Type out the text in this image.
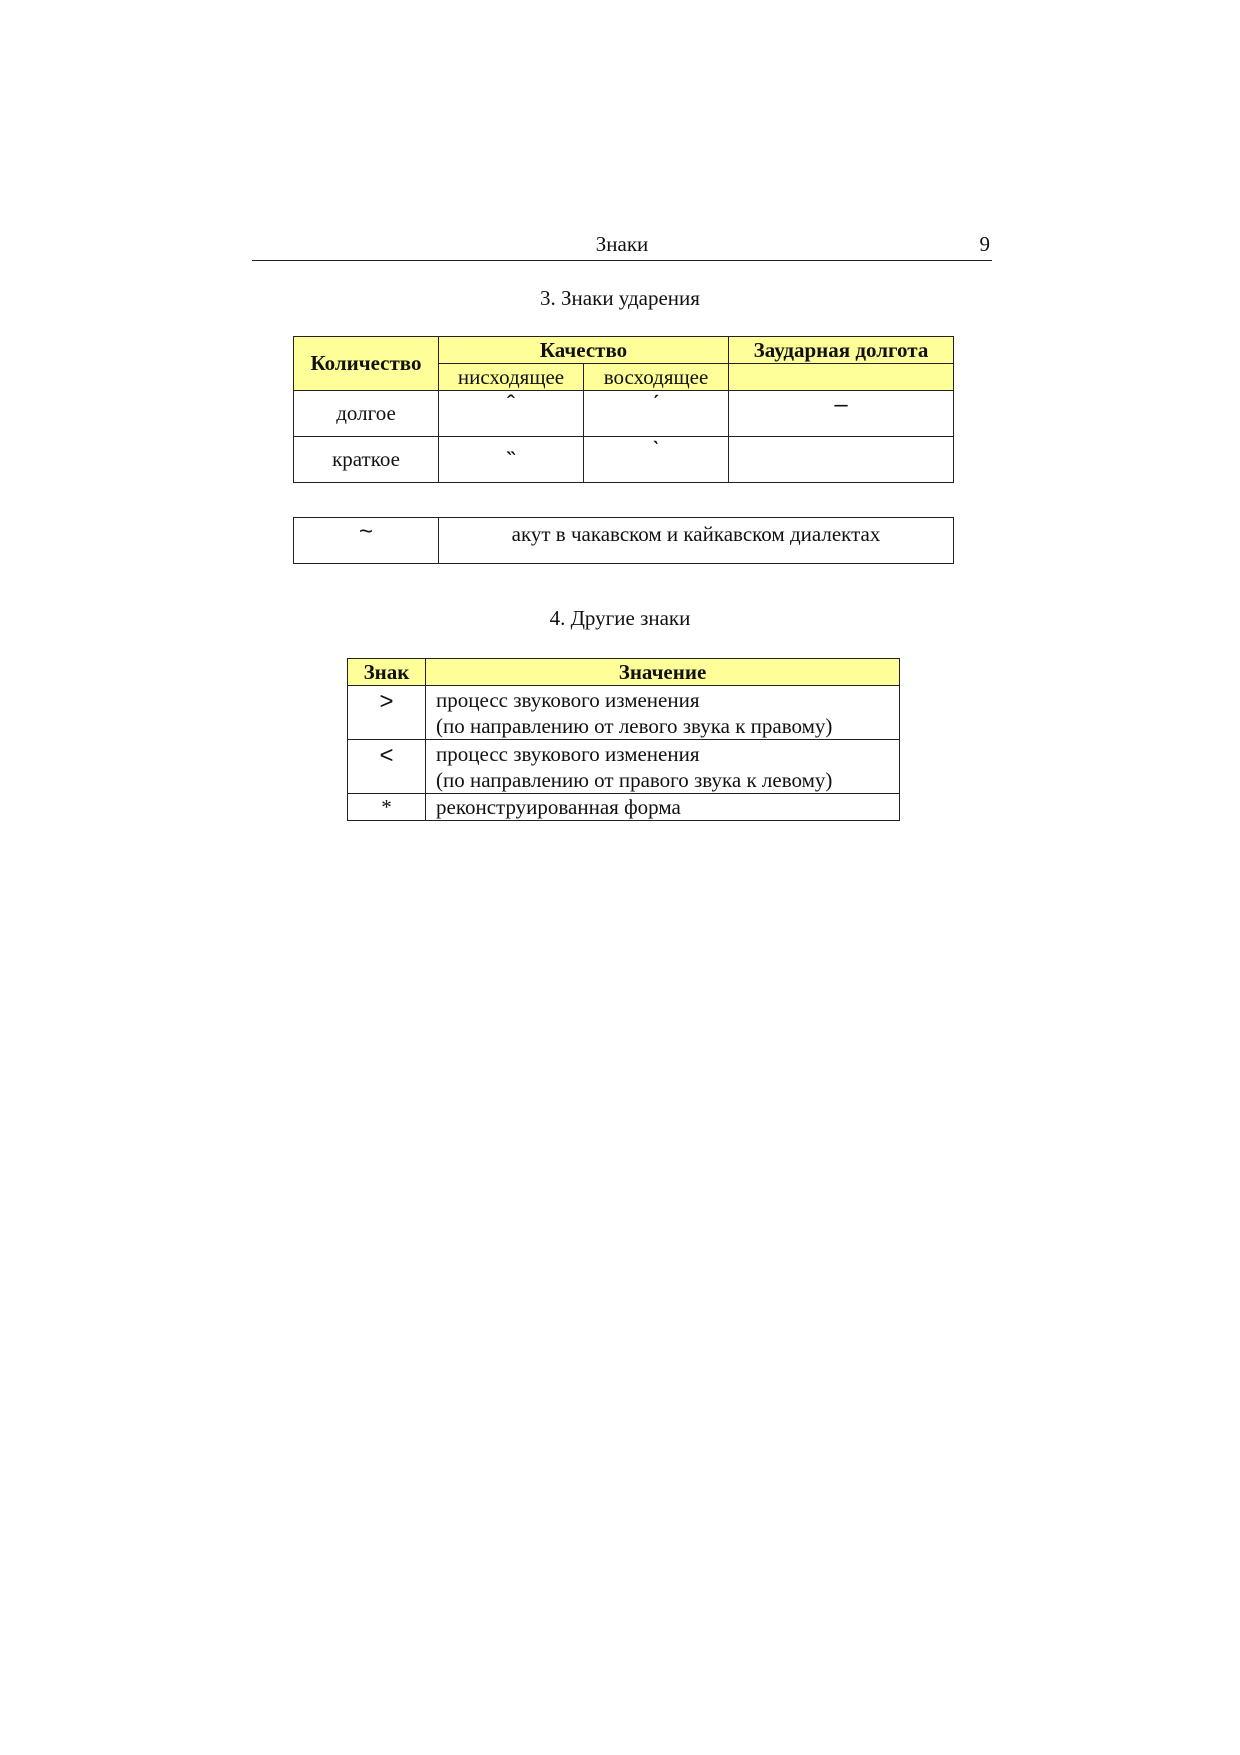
Знаки	9
3. Знаки ударения
Количество	Качество		Заударная долгота
	нисходящее	восходящее	
долгое	ˆ	ˊ	‒
краткое	˵	ˋ	
~	акут в чакавском и кайкавском диалектах
4. Другие знаки
Знак	Значение
>	процесс звукового изменения
(по направлению от левого звука к правому)

<	процесс звукового изменения
(по направлению от правого звука к левому)

*	реконструированная форма
